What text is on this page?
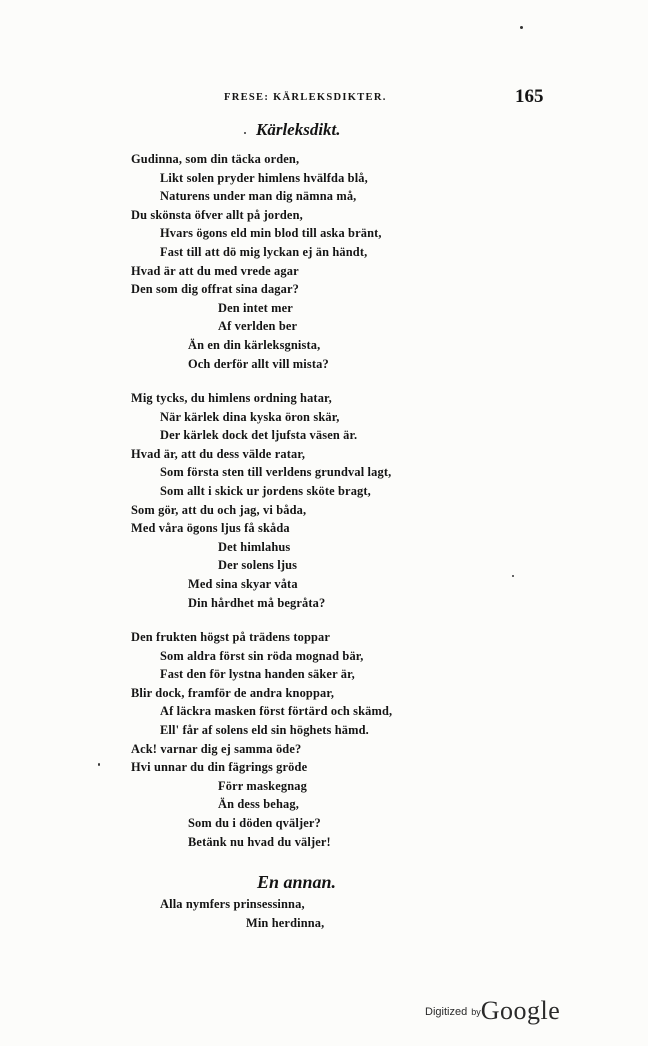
FRESE: KÄRLEKSDIKTER.	165
Kärleksdikt.
Gudinna, som din täcka orden,
Likt solen pryder himlens hvälfda blå,
Naturens under man dig nämna må,
Du skönsta öfver allt på jorden,
Hvars ögons eld min blod till aska bränt,
Fast till att dö mig lyckan ej än händt,
Hvad är att du med vrede agar
Den som dig offrat sina dagar?
Den intet mer
Af verlden ber
Än en din kärleksgnista,
Och derför allt vill mista?
Mig tycks, du himlens ordning hatar,
När kärlek dina kyska öron skär,
Der kärlek dock det ljufsta väsen är.
Hvad är, att du dess välde ratar,
Som första sten till verldens grundval lagt,
Som allt i skick ur jordens sköte bragt,
Som gör, att du och jag, vi båda,
Med våra ögons ljus få skåda
Det himlahus
Der solens ljus
Med sina skyar våta
Din hårdhet må begråta?
Den frukten högst på trädens toppar
Som aldra först sin röda mognad bär,
Fast den för lystna handen säker är,
Blir dock, framför de andra knoppar,
Af läckra masken först förtärd och skämd,
Ell' får af solens eld sin höghets hämd.
Ack! varnar dig ej samma öde?
Hvi unnar du din fägrings gröde
Förr maskegnag
Än dess behag,
Som du i döden qväljer?
Betänk nu hvad du väljer!
En annan.
Alla nymfers prinsessinna,
Min herdinna,
$^{Digitized}$ $^{by}$Google
